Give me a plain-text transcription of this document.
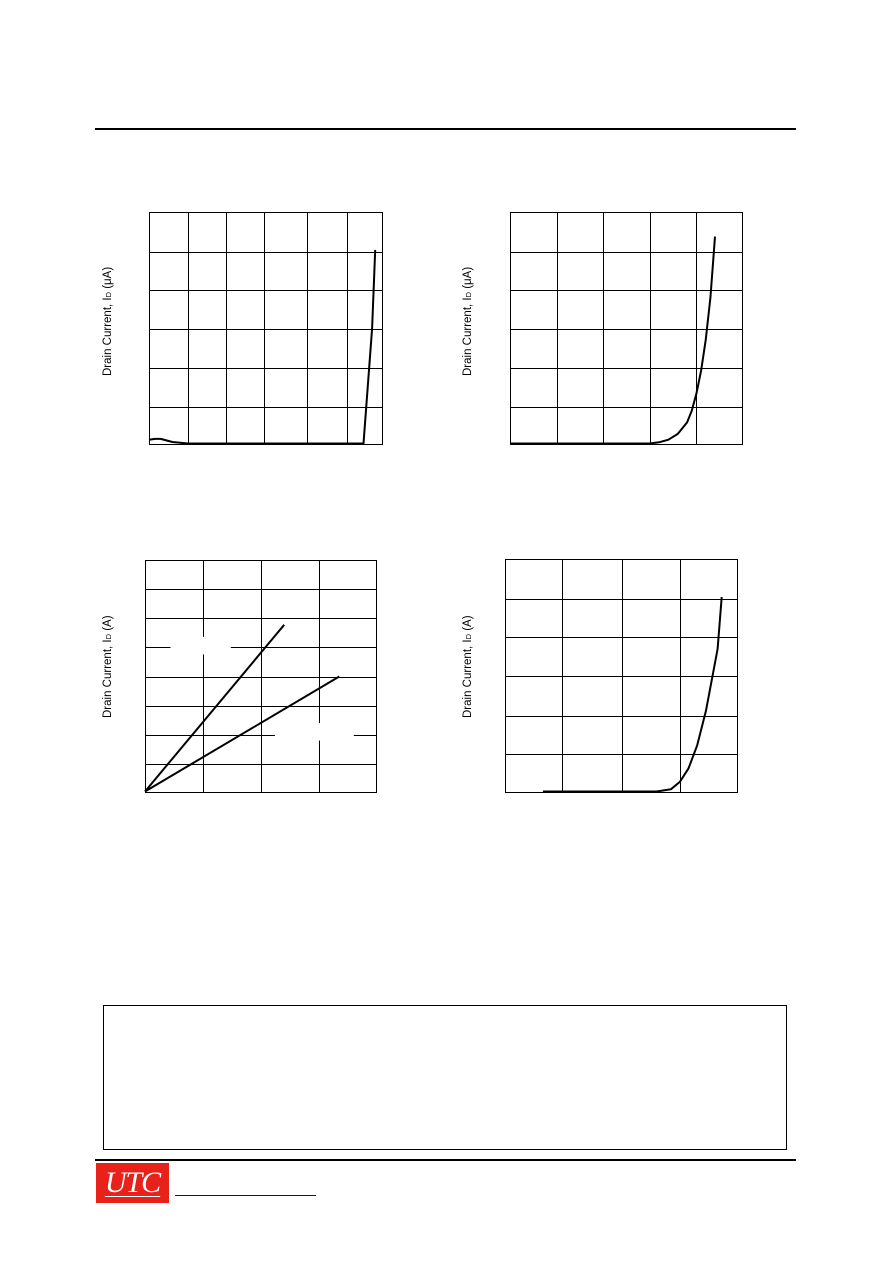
Drain Current, ID (μA)
Drain Current, ID (μA)
Drain Current, ID (A)
Drain Current, ID (A)
UTC
